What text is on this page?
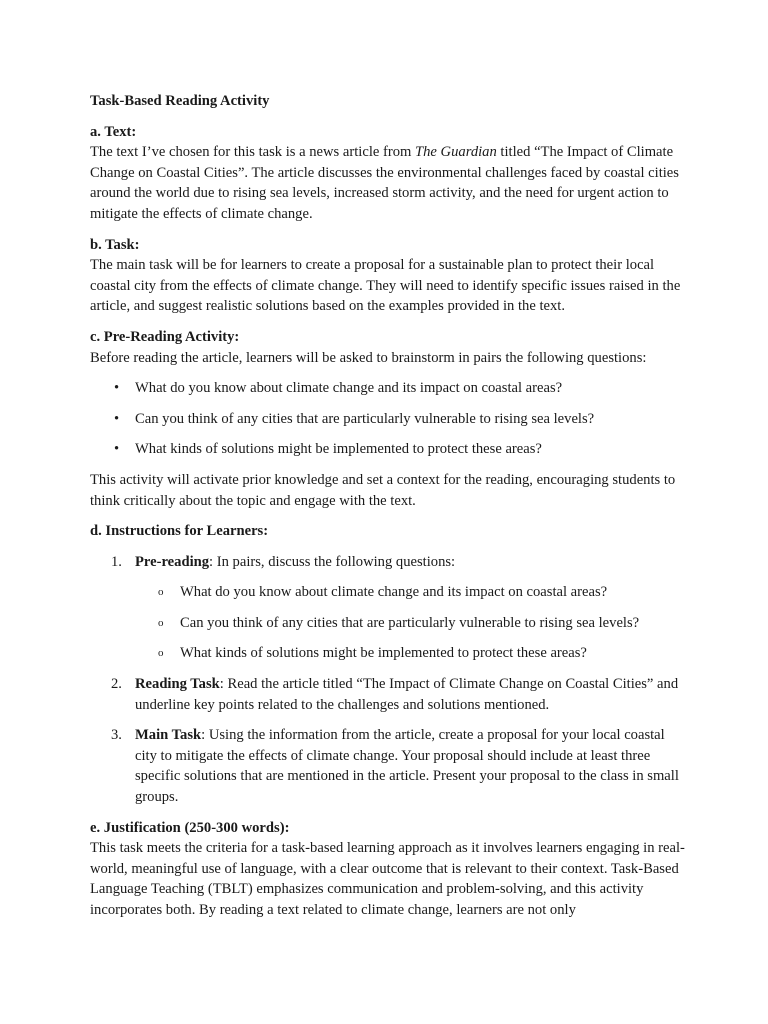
Task-Based Reading Activity

a. Text:

The text I’ve chosen for this task is a news article from The Guardian titled “The Impact of Climate Change on Coastal Cities”. The article discusses the environmental challenges faced by coastal cities around the world due to rising sea levels, increased storm activity, and the need for urgent action to mitigate the effects of climate change.

b. Task:

The main task will be for learners to create a proposal for a sustainable plan to protect their local coastal city from the effects of climate change. They will need to identify specific issues raised in the article, and suggest realistic solutions based on the examples provided in the text.

c. Pre-Reading Activity:

Before reading the article, learners will be asked to brainstorm in pairs the following questions:

• What do you know about climate change and its impact on coastal areas?
• Can you think of any cities that are particularly vulnerable to rising sea levels?
• What kinds of solutions might be implemented to protect these areas?

This activity will activate prior knowledge and set a context for the reading, encouraging students to think critically about the topic and engage with the text.

d. Instructions for Learners:
1. Pre-reading: In pairs, discuss the following questions:
o What do you know about climate change and its impact on coastal areas?
o Can you think of any cities that are particularly vulnerable to rising sea levels?
o What kinds of solutions might be implemented to protect these areas?
2. Reading Task: Read the article titled “The Impact of Climate Change on Coastal Cities” and underline key points related to the challenges and solutions mentioned.
3. Main Task: Using the information from the article, create a proposal for your local coastal city to mitigate the effects of climate change. Your proposal should include at least three specific solutions that are mentioned in the article. Present your proposal to the class in small groups.
e. Justification (250-300 words):

This task meets the criteria for a task-based learning approach as it involves learners engaging in real-world, meaningful use of language, with a clear outcome that is relevant to their context. Task-Based Language Teaching (TBLT) emphasizes communication and problem-solving, and this activity incorporates both. By reading a text related to climate change, learners are not only
